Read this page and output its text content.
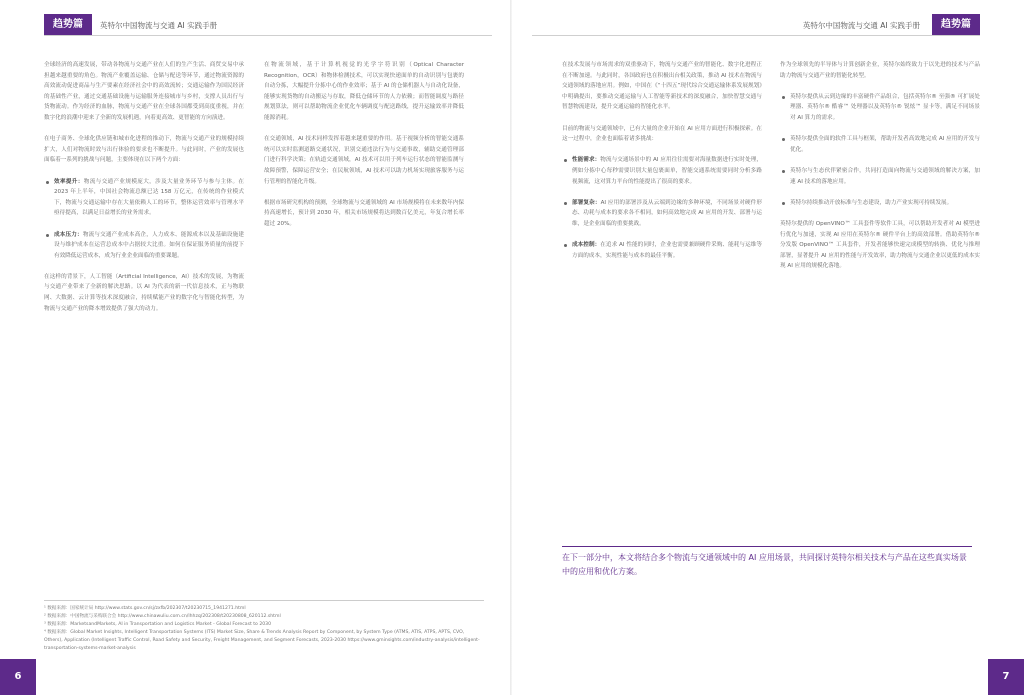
趋势篇	英特尔中国物流与交通 AI 实践手册

全球经济的高速发展，带动各物流与交通产业在人们的生产生活、商贸交易中承担越来越重要的角色。物流产业覆盖运输、仓储与配送等环节，通过物流资源的高效流动促进商品与生产要素在经济社会中的高效流转；交通运输作为国民经济的基础性产业，通过交通基础设施与运输服务连接城市与乡村，支撑人员出行与货物流动。作为经济的血脉，物流与交通产业在全球各国都受到高度重视，并在数字化的浪潮中迎来了全新的发展机遇，向着更高效、更智能的方向演进。

在电子商务、全球化供应链和城市化进程的推动下，物流与交通产业的规模持续扩大，人们对物流时效与出行体验的要求也不断提升。与此同时，产业的发展也面临着一系列的挑战与问题，主要体现在以下两个方面：

效率提升：物流与交通产业规模庞大，涉及大量业务环节与参与主体。在 2023 年上半年，中国社会物流总额已达 158 万亿元，在传统的作业模式下，物流与交通运输中存在大量依赖人工的环节，整体运营效率与管理水平亟待提高，以满足日益增长的业务需求。
成本压力：物流与交通产业成本高企，人力成本、能源成本以及基础设施建设与维护成本在运营总成本中占据较大比重。如何在保证服务质量的前提下有效降低运营成本，成为行业企业面临的重要课题。

在这样的背景下，人工智能（Artificial Intelligence，AI）技术的发展，为物流与交通产业带来了全新的解决思路。以 AI 为代表的新一代信息技术，正与物联网、大数据、云计算等技术深度融合，持续赋能产业的数字化与智能化转型，为物流与交通产业的降本增效提供了强大的动力。

在物流领域，基于计算机视觉的光学字符识别（Optical Character Recognition，OCR）和物体检测技术，可以实现快递面单的自动识别与包裹的自动分拣，大幅提升分拣中心的作业效率；基于 AI 的仓储机器人与自动化设备，能够实现货物的自动搬运与存取，降低仓储环节的人力依赖；而智能调度与路径规划算法，则可以帮助物流企业优化车辆调度与配送路线，提升运输效率并降低能源消耗。

在交通领域，AI 技术同样发挥着越来越重要的作用。基于视频分析的智能交通系统可以实时监测道路交通状况，识别交通违法行为与交通事故，辅助交通管理部门进行科学决策；在轨道交通领域，AI 技术可以用于列车运行状态的智能监测与故障预警，保障运营安全；在民航领域，AI 技术可以助力机场实现旅客服务与运行管理的智能化升级。

根据市场研究机构的预测，全球物流与交通领域的 AI 市场规模将在未来数年内保持高速增长，预计到 2030 年，相关市场规模将达到数百亿美元，年复合增长率超过 20%。

¹ 数据来源：国家统计局 http://www.stats.gov.cn/sj/zxfb/202307/t20230715_1941271.html
² 数据来源：中国物流与采购联合会 http://www.chinawuliu.com.cn/lhhzq/202308/t20230808_620112.shtml
³ 数据来源：MarketsandMarkets, AI in Transportation and Logistics Market - Global Forecast to 2030
⁴ 数据来源：Global Market Insights, Intelligent Transportation Systems (ITS) Market Size, Share & Trends Analysis Report by Component, by System Type (ATMS, ATIS, ATPS, APTS, CVO, Others), Application (Intelligent Traffic Control, Road Safety and Security, Freight Management, and Segment Forecasts, 2023-2030 https://www.gminsights.com/industry-analysis/intelligent-transportation-systems-market-analysis
6
英特尔中国物流与交通 AI 实践手册	趋势篇

在技术发展与市场需求的双重驱动下，物流与交通产业的智能化、数字化进程正在不断加速。与此同时，各国政府也在积极出台相关政策，推动 AI 技术在物流与交通领域的落地应用。例如，中国在《“十四五”现代综合交通运输体系发展规划》中明确提出，要推动交通运输与人工智能等新技术的深度融合，加快智慧交通与智慧物流建设，提升交通运输的智能化水平。

目前的物流与交通领域中，已有大量的企业开始在 AI 应用方面进行积极探索。在这一过程中，企业也面临着诸多挑战：

性能需求：物流与交通场景中的 AI 应用往往需要对海量数据进行实时处理，例如分拣中心每秒需要识别大量包裹面单，智能交通系统需要同时分析多路视频流，这对算力平台的性能提出了很高的要求。
部署复杂：AI 应用的部署涉及从云端到边缘的多种环境，不同场景对硬件形态、功耗与成本的要求各不相同，如何高效地完成 AI 应用的开发、部署与运维，是企业面临的重要挑战。
成本控制：在追求 AI 性能的同时，企业也需要兼顾硬件采购、能耗与运维等方面的成本，实现性能与成本的最佳平衡。

作为全球领先的半导体与计算创新企业，英特尔始终致力于以先进的技术与产品助力物流与交通产业的智能化转型。

英特尔提供从云到边缘的丰富硬件产品组合，包括英特尔® 至强® 可扩展处理器、英特尔® 酷睿™ 处理器以及英特尔® 锐炫™ 显卡等，满足不同场景对 AI 算力的需求。
英特尔提供全面的软件工具与框架，帮助开发者高效地完成 AI 应用的开发与优化。
英特尔与生态伙伴紧密合作，共同打造面向物流与交通领域的解决方案，加速 AI 技术的落地应用。
英特尔持续推动开放标准与生态建设，助力产业实现可持续发展。

英特尔提供的 OpenVINO™ 工具套件等软件工具，可以帮助开发者对 AI 模型进行优化与加速，实现 AI 应用在英特尔® 硬件平台上的高效部署。借助英特尔® 分发版 OpenVINO™ 工具套件，开发者能够快速完成模型的转换、优化与推理部署，显著提升 AI 应用的性能与开发效率，助力物流与交通企业以更低的成本实现 AI 应用的规模化落地。

在下一部分中，本文将结合多个物流与交通领域中的 AI 应用场景，共同探讨英特尔相关技术与产品在这些真实场景中的应用和优化方案。
7
